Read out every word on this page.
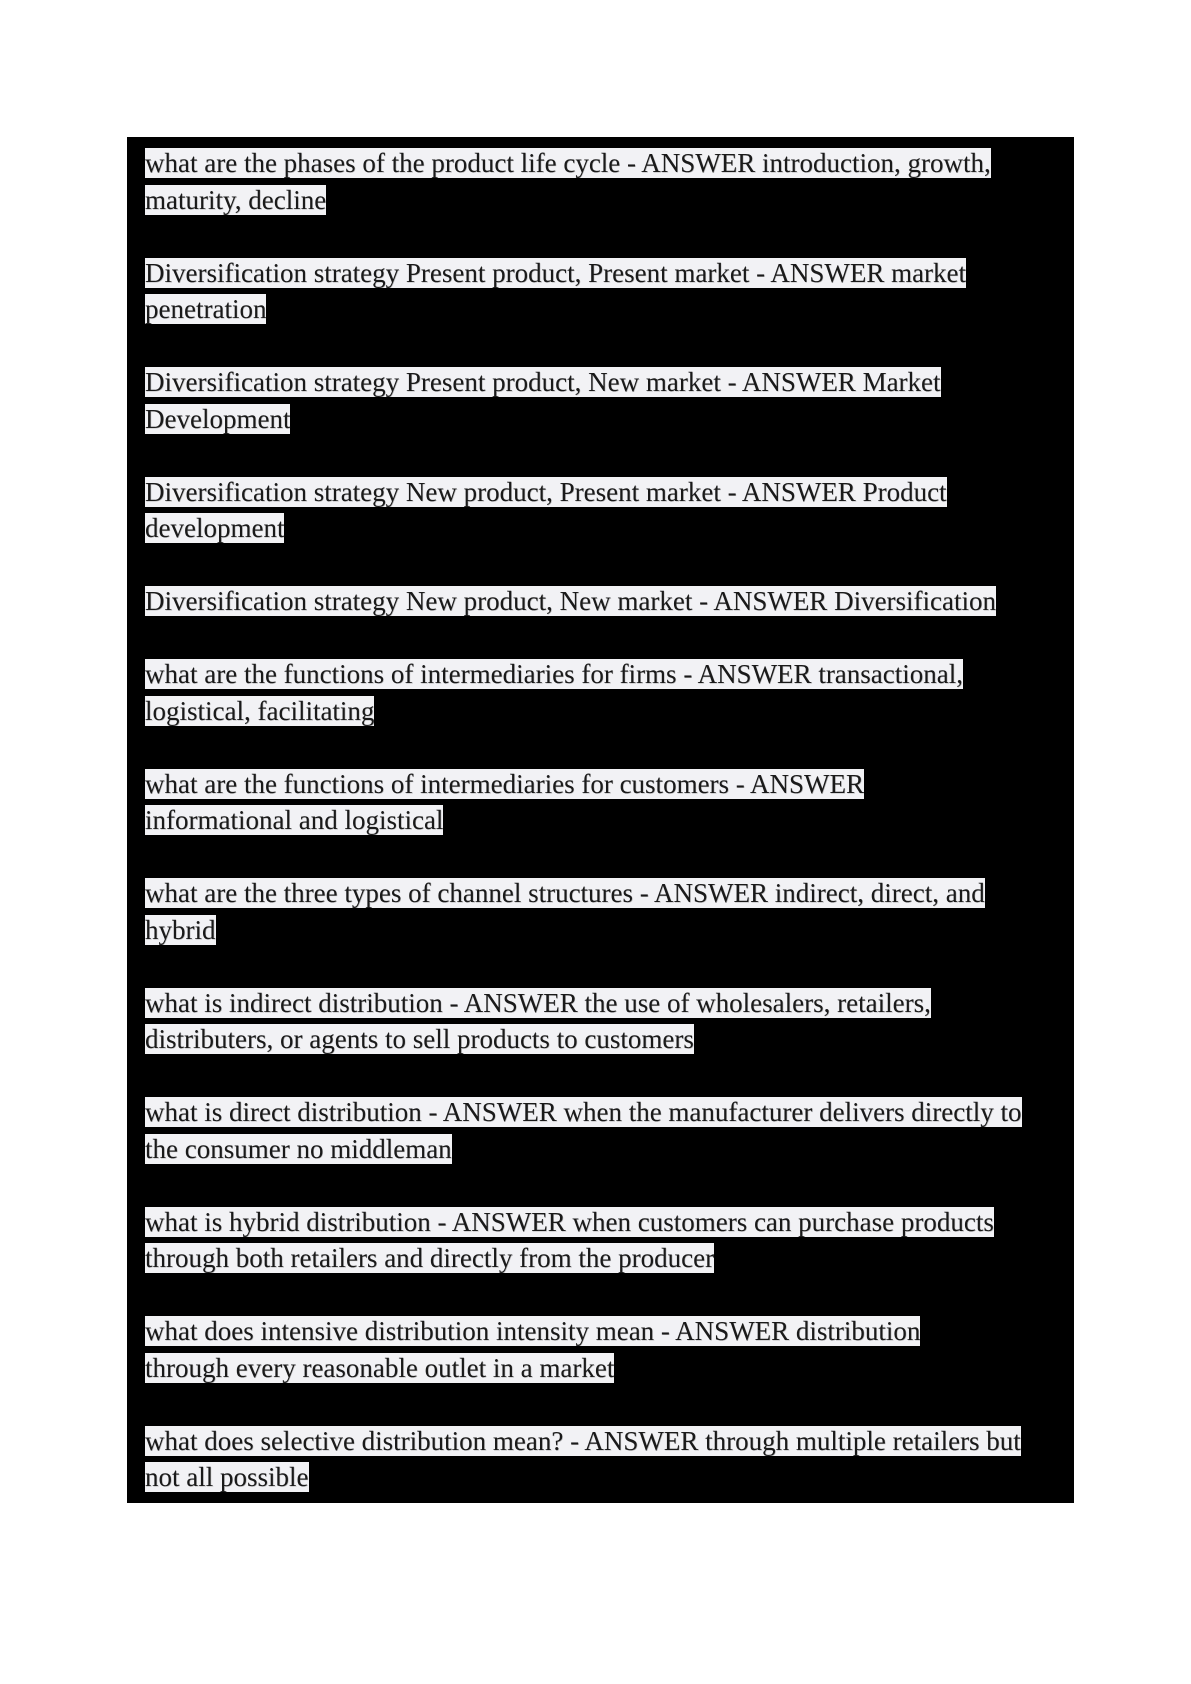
what are the phases of the product life cycle - ANSWER introduction, growth, maturity, decline
Diversification strategy Present product, Present market - ANSWER market penetration
Diversification strategy Present product, New market - ANSWER Market Development
Diversification strategy New product, Present market - ANSWER Product development
Diversification strategy New product, New market - ANSWER Diversification
what are the functions of intermediaries for firms - ANSWER transactional, logistical, facilitating
what are the functions of intermediaries for customers - ANSWER informational and logistical
what are the three types of channel structures - ANSWER indirect, direct, and hybrid
what is indirect distribution - ANSWER the use of wholesalers, retailers, distributers, or agents to sell products to customers
what is direct distribution - ANSWER when the manufacturer delivers directly to the consumer no middleman
what is hybrid distribution - ANSWER when customers can purchase products through both retailers and directly from the producer
what does intensive distribution intensity mean - ANSWER distribution through every reasonable outlet in a market
what does selective distribution mean? - ANSWER through multiple retailers but not all possible
